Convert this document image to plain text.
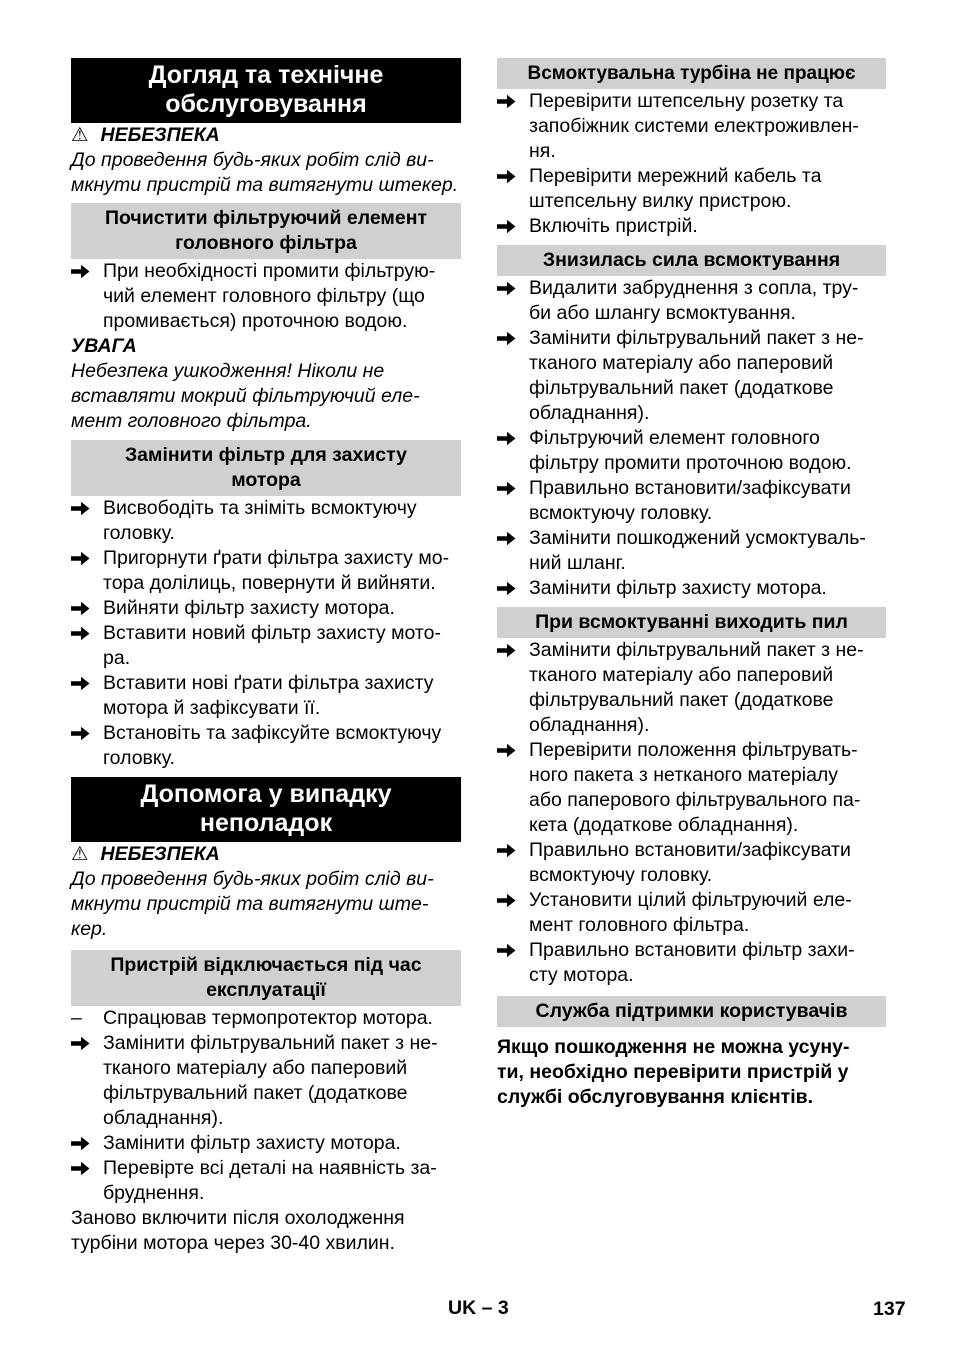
Догляд та технічне
обслуговування
⚠ НЕБЕЗПЕКА
До проведення будь-яких робіт слід ви-
мкнути пристрій та витягнути штекер.
Почистити фільтруючий елемент
головного фільтра
При необхідності промити фільтрую-
чий елемент головного фільтру (що
промивається) проточною водою.
УВАГА
Небезпека ушкодження! Ніколи не
вставляти мокрий фільтруючий еле-
мент головного фільтра.
Замінити фільтр для захисту
мотора
Висвободіть та зніміть всмоктуючу
головку.
Пригорнути ґрати фільтра захисту мо-
тора долілиць, повернути й вийняти.
Вийняти фільтр захисту мотора.
Вставити новий фільтр захисту мото-
ра.
Вставити нові ґрати фільтра захисту
мотора й зафіксувати її.
Встановіть та зафіксуйте всмоктуючу
головку.
Допомога у випадку
неполадок
⚠ НЕБЕЗПЕКА
До проведення будь-яких робіт слід ви-
мкнути пристрій та витягнути ште-
кер.
Пристрій відключається під час
експлуатації
–	Спрацював термопротектор мотора.
Замінити фільтрувальний пакет з не-
тканого матеріалу або паперовий
фільтрувальний пакет (додаткове
обладнання).
Замінити фільтр захисту мотора.
Перевірте всі деталі на наявність за-
бруднення.
Заново включити після охолодження
турбіни мотора через 30-40 хвилин.
Всмоктувальна турбіна не працює
Перевірити штепсельну розетку та
запобіжник системи електроживлен-
ня.
Перевірити мережний кабель та
штепсельну вилку пристрою.
Включіть пристрій.
Знизилась сила всмоктування
Видалити забруднення з сопла, тру-
би або шлангу всмоктування.
Замінити фільтрувальний пакет з не-
тканого матеріалу або паперовий
фільтрувальний пакет (додаткове
обладнання).
Фільтруючий елемент головного
фільтру промити проточною водою.
Правильно встановити/зафіксувати
всмоктуючу головку.
Замінити пошкоджений усмоктуваль-
ний шланг.
Замінити фільтр захисту мотора.
При всмоктуванні виходить пил
Замінити фільтрувальний пакет з не-
тканого матеріалу або паперовий
фільтрувальний пакет (додаткове
обладнання).
Перевірити положення фільтрувать-
ного пакета з нетканого матеріалу
або паперового фільтрувального па-
кета (додаткове обладнання).
Правильно встановити/зафіксувати
всмоктуючу головку.
Установити цілий фільтруючий еле-
мент головного фільтра.
Правильно встановити фільтр захи-
сту мотора.
Служба підтримки користувачів
Якщо пошкодження не можна усуну-
ти, необхідно перевірити пристрій у
службі обслуговування клієнтів.
UK – 3	137
